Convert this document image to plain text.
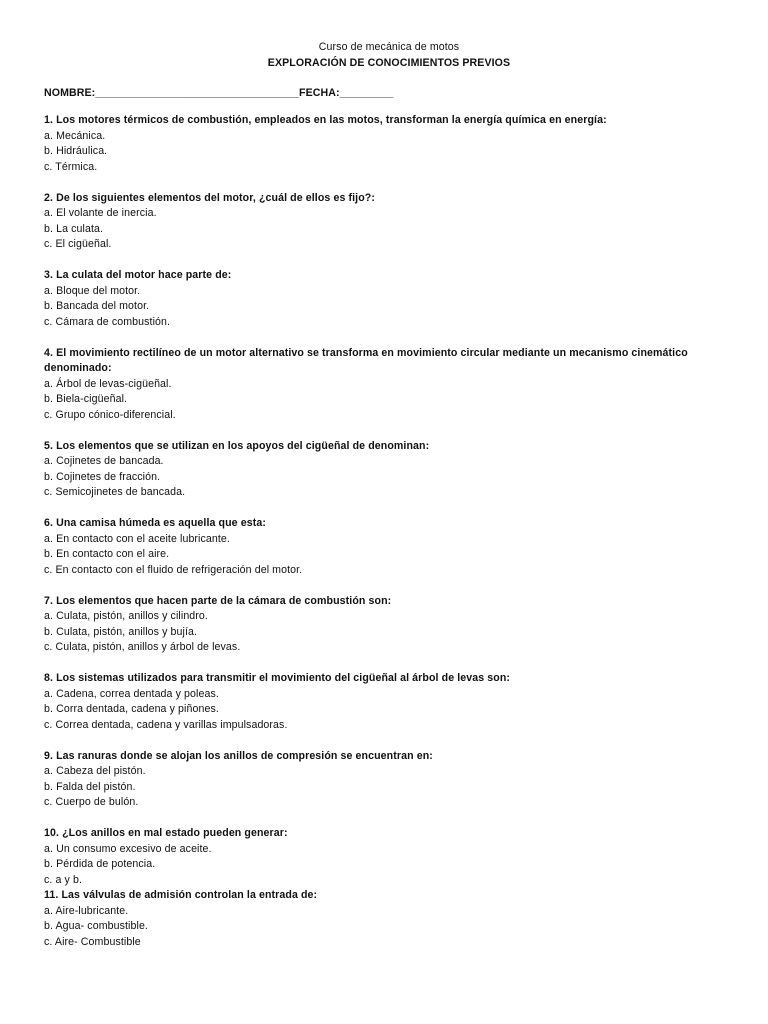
Curso de mecánica de motos
EXPLORACIÓN DE CONOCIMIENTOS PREVIOS
NOMBRE:__________________________________FECHA:_________
1. Los motores térmicos de combustión, empleados en las motos, transforman la energía química en energía:
a. Mecánica.
b. Hidráulica.
c. Térmica.
2. De los siguientes elementos del motor, ¿cuál de ellos es fijo?:
a. El volante de inercia.
b. La culata.
c. El cigüeñal.
3. La culata del motor hace parte de:
a. Bloque del motor.
b. Bancada del motor.
c. Cámara de combustión.
4. El movimiento rectilíneo de un motor alternativo se transforma en movimiento circular mediante un mecanismo cinemático denominado:
a. Árbol de levas-cigüeñal.
b. Biela-cigüeñal.
c. Grupo cónico-diferencial.
5. Los elementos que se utilizan en los apoyos del cigüeñal de denominan:
a. Cojinetes de bancada.
b. Cojinetes de fracción.
c. Semicojinetes de bancada.
6. Una camisa húmeda es aquella que esta:
a. En contacto con el aceite lubricante.
b. En contacto con el aire.
c. En contacto con el fluido de refrigeración del motor.
7. Los elementos que hacen parte de la cámara de combustión son:
a. Culata, pistón, anillos y cilindro.
b. Culata, pistón, anillos y bujía.
c. Culata, pistón, anillos y árbol de levas.
8. Los sistemas utilizados para transmitir el movimiento del cigüeñal al árbol de levas son:
a. Cadena, correa dentada y poleas.
b. Corra dentada, cadena y piñones.
c. Correa dentada, cadena y varillas impulsadoras.
9. Las ranuras donde se alojan los anillos de compresión se encuentran en:
a. Cabeza del pistón.
b. Falda del pistón.
c. Cuerpo de bulón.
10. ¿Los anillos en mal estado pueden generar:
a. Un consumo excesivo de aceite.
b. Pérdida de potencia.
c. a y b.
11. Las válvulas de admisión controlan la entrada de:
a. Aire-lubricante.
b. Agua- combustible.
c. Aire- Combustible
